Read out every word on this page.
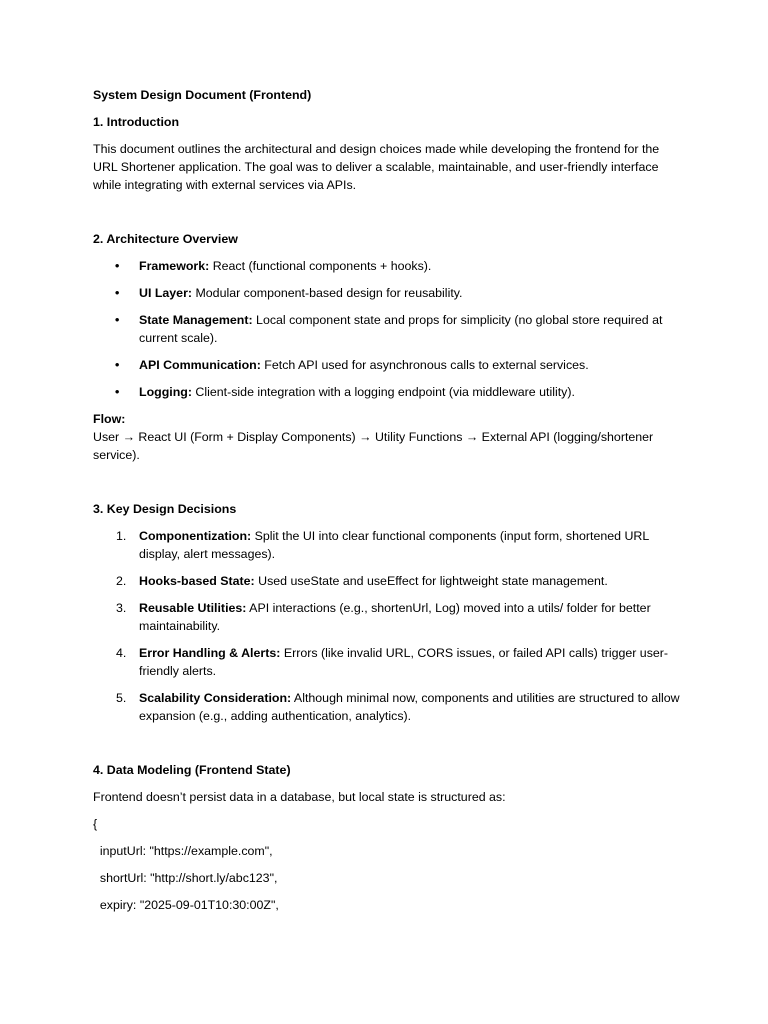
System Design Document (Frontend)

1. Introduction

This document outlines the architectural and design choices made while developing the frontend for the URL Shortener application. The goal was to deliver a scalable, maintainable, and user-friendly interface while integrating with external services via APIs.

2. Architecture Overview

• Framework: React (functional components + hooks).
• UI Layer: Modular component-based design for reusability.
• State Management: Local component state and props for simplicity (no global store required at current scale).
• API Communication: Fetch API used for asynchronous calls to external services.
• Logging: Client-side integration with a logging endpoint (via middleware utility).
Flow:
User → React UI (Form + Display Components) → Utility Functions → External API (logging/shortener service).

3. Key Design Decisions

1. Componentization: Split the UI into clear functional components (input form, shortened URL display, alert messages).
2. Hooks-based State: Used useState and useEffect for lightweight state management.
3. Reusable Utilities: API interactions (e.g., shortenUrl, Log) moved into a utils/ folder for better maintainability.
4. Error Handling & Alerts: Errors (like invalid URL, CORS issues, or failed API calls) trigger user-friendly alerts.
5. Scalability Consideration: Although minimal now, components and utilities are structured to allow expansion (e.g., adding authentication, analytics).

4. Data Modeling (Frontend State)

Frontend doesn’t persist data in a database, but local state is structured as:

{

inputUrl: "https://example.com",

shortUrl: "http://short.ly/abc123",

expiry: "2025-09-01T10:30:00Z",
